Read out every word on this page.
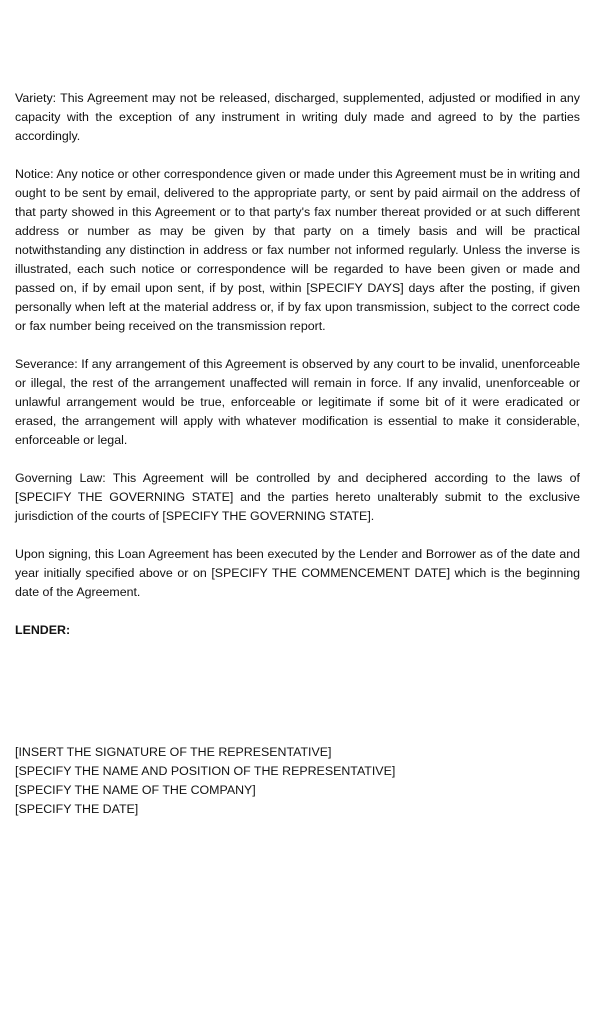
Variety: This Agreement may not be released, discharged, supplemented, adjusted or modified in any capacity with the exception of any instrument in writing duly made and agreed to by the parties accordingly.

Notice: Any notice or other correspondence given or made under this Agreement must be in writing and ought to be sent by email, delivered to the appropriate party, or sent by paid airmail on the address of that party showed in this Agreement or to that party's fax number thereat provided or at such different address or number as may be given by that party on a timely basis and will be practical notwithstanding any distinction in address or fax number not informed regularly. Unless the inverse is illustrated, each such notice or correspondence will be regarded to have been given or made and passed on, if by email upon sent, if by post, within [SPECIFY DAYS] days after the posting, if given personally when left at the material address or, if by fax upon transmission, subject to the correct code or fax number being received on the transmission report.

Severance: If any arrangement of this Agreement is observed by any court to be invalid, unenforceable or illegal, the rest of the arrangement unaffected will remain in force. If any invalid, unenforceable or unlawful arrangement would be true, enforceable or legitimate if some bit of it were eradicated or erased, the arrangement will apply with whatever modification is essential to make it considerable, enforceable or legal.

Governing Law: This Agreement will be controlled by and deciphered according to the laws of [SPECIFY THE GOVERNING STATE] and the parties hereto unalterably submit to the exclusive jurisdiction of the courts of [SPECIFY THE GOVERNING STATE].

Upon signing, this Loan Agreement has been executed by the Lender and Borrower as of the date and year initially specified above or on [SPECIFY THE COMMENCEMENT DATE] which is the beginning date of the Agreement.

LENDER:

[INSERT THE SIGNATURE OF THE REPRESENTATIVE]

[SPECIFY THE NAME AND POSITION OF THE REPRESENTATIVE]

[SPECIFY THE NAME OF THE COMPANY]

[SPECIFY THE DATE]
